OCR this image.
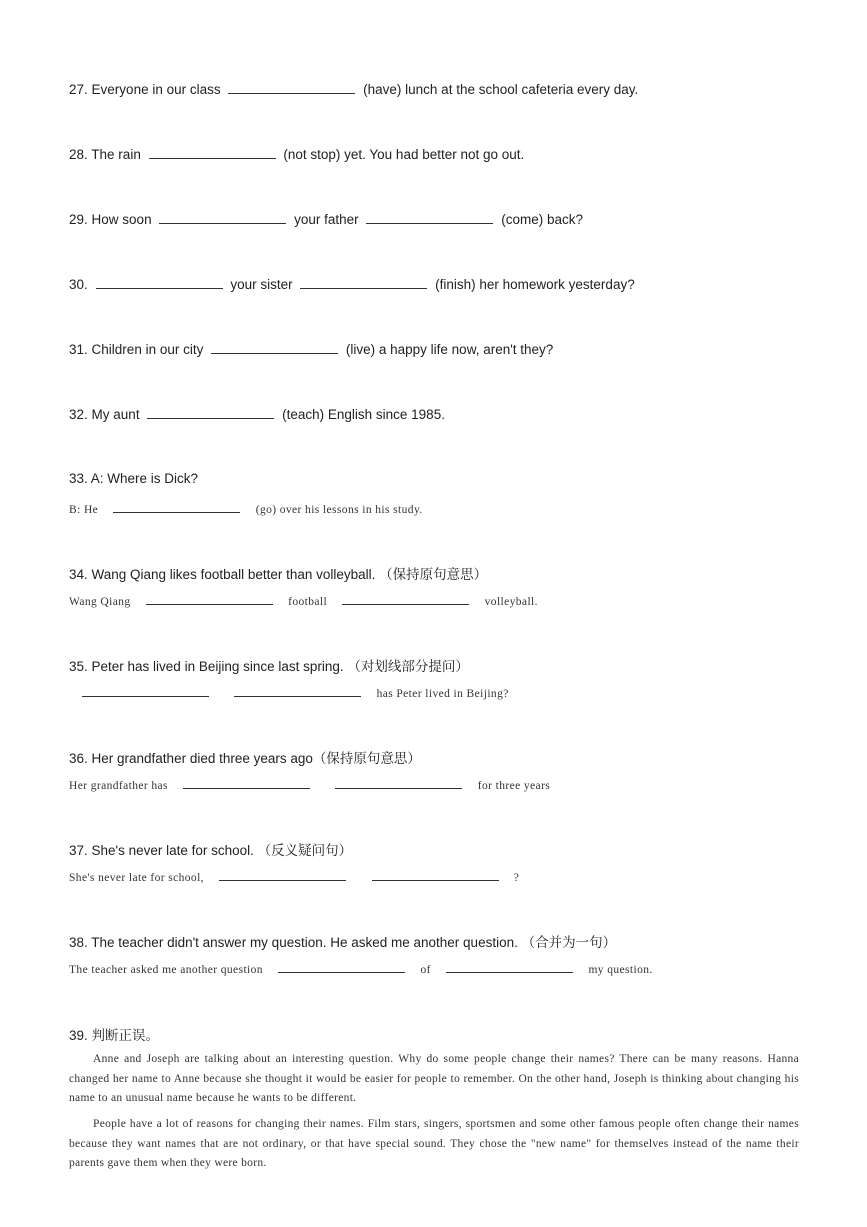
27. Everyone in our class	(have) lunch at the school cafeteria every day.
28. The rain	(not stop) yet. You had better not go out.
29. How soon	your father	(come) back?
30.	your sister	(finish) her homework yesterday?
31. Children in our city	(live) a happy life now, aren't they?
32. My aunt	(teach) English since 1985.
33. A: Where is Dick?
B: He	(go) over his lessons in his study.
34. Wang Qiang likes football better than volleyball. （保持原句意思）
Wang Qiang	football	volleyball.
35. Peter has lived in Beijing since last spring. （对划线部分提问）
has Peter lived in Beijing?
36. Her grandfather died three years ago（保持原句意思）
Her grandfather has	for three years
37. She's never late for school. （反义疑问句）
She's never late for school,	?
38. The teacher didn't answer my question. He asked me another question. （合并为一句）
The teacher asked me another question	of	my question.
39. 判断正误。

Anne and Joseph are talking about an interesting question. Why do some people change their names? There can be many reasons. Hanna changed her name to Anne because she thought it would be easier for people to remember. On the other hand, Joseph is thinking about changing his name to an unusual name because he wants to be different.

People have a lot of reasons for changing their names. Film stars, singers, sportsmen and some other famous people often change their names because they want names that are not ordinary, or that have special sound. They chose the "new name" for themselves instead of the name their parents gave them when they were born.
